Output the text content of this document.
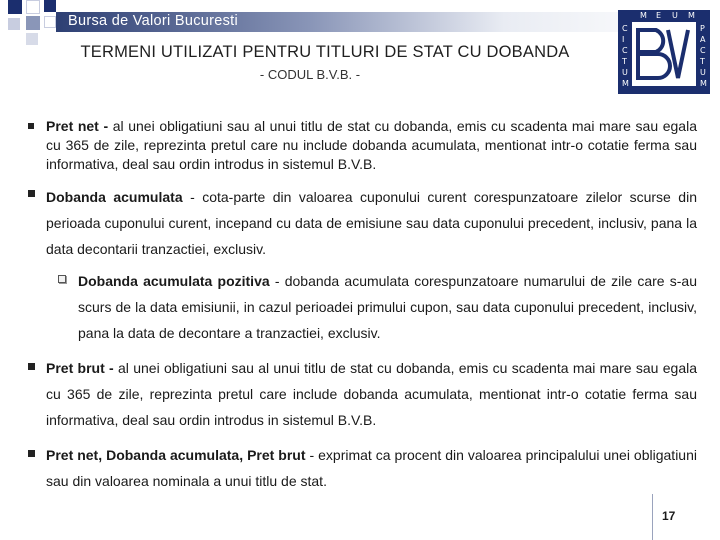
Bursa de Valori Bucuresti
TERMENI UTILIZATI PENTRU TITLURI DE STAT CU DOBANDA
- CODUL B.V.B. -
M E U M
C
I
C
T
U
M
P
A
C
T
U
M
Pret net - al unei obligatiuni sau al unui titlu de stat cu dobanda, emis cu scadenta mai mare sau egala cu 365 de zile, reprezinta pretul care nu include dobanda acumulata, mentionat intr-o cotatie ferma sau informativa, deal sau ordin introdus in sistemul B.V.B.
Dobanda acumulata - cota-parte din valoarea cuponului curent corespunzatoare zilelor scurse din perioada cuponului curent, incepand cu data de emisiune sau data cuponului precedent, inclusiv, pana la data decontarii tranzactiei, exclusiv.
Dobanda acumulata pozitiva - dobanda acumulata corespunzatoare numarului de zile care s-au scurs de la data emisiunii, in cazul perioadei primului cupon, sau data cuponului precedent, inclusiv, pana la data de decontare a tranzactiei, exclusiv.
Pret brut - al unei obligatiuni sau al unui titlu de stat cu dobanda, emis cu scadenta mai mare sau egala cu 365 de zile, reprezinta pretul care include dobanda acumulata, mentionat intr-o cotatie ferma sau informativa, deal sau ordin introdus in sistemul B.V.B.
Pret net, Dobanda acumulata, Pret brut - exprimat ca procent din valoarea principalului unei obligatiuni sau din valoarea nominala a unui titlu de stat.
17
